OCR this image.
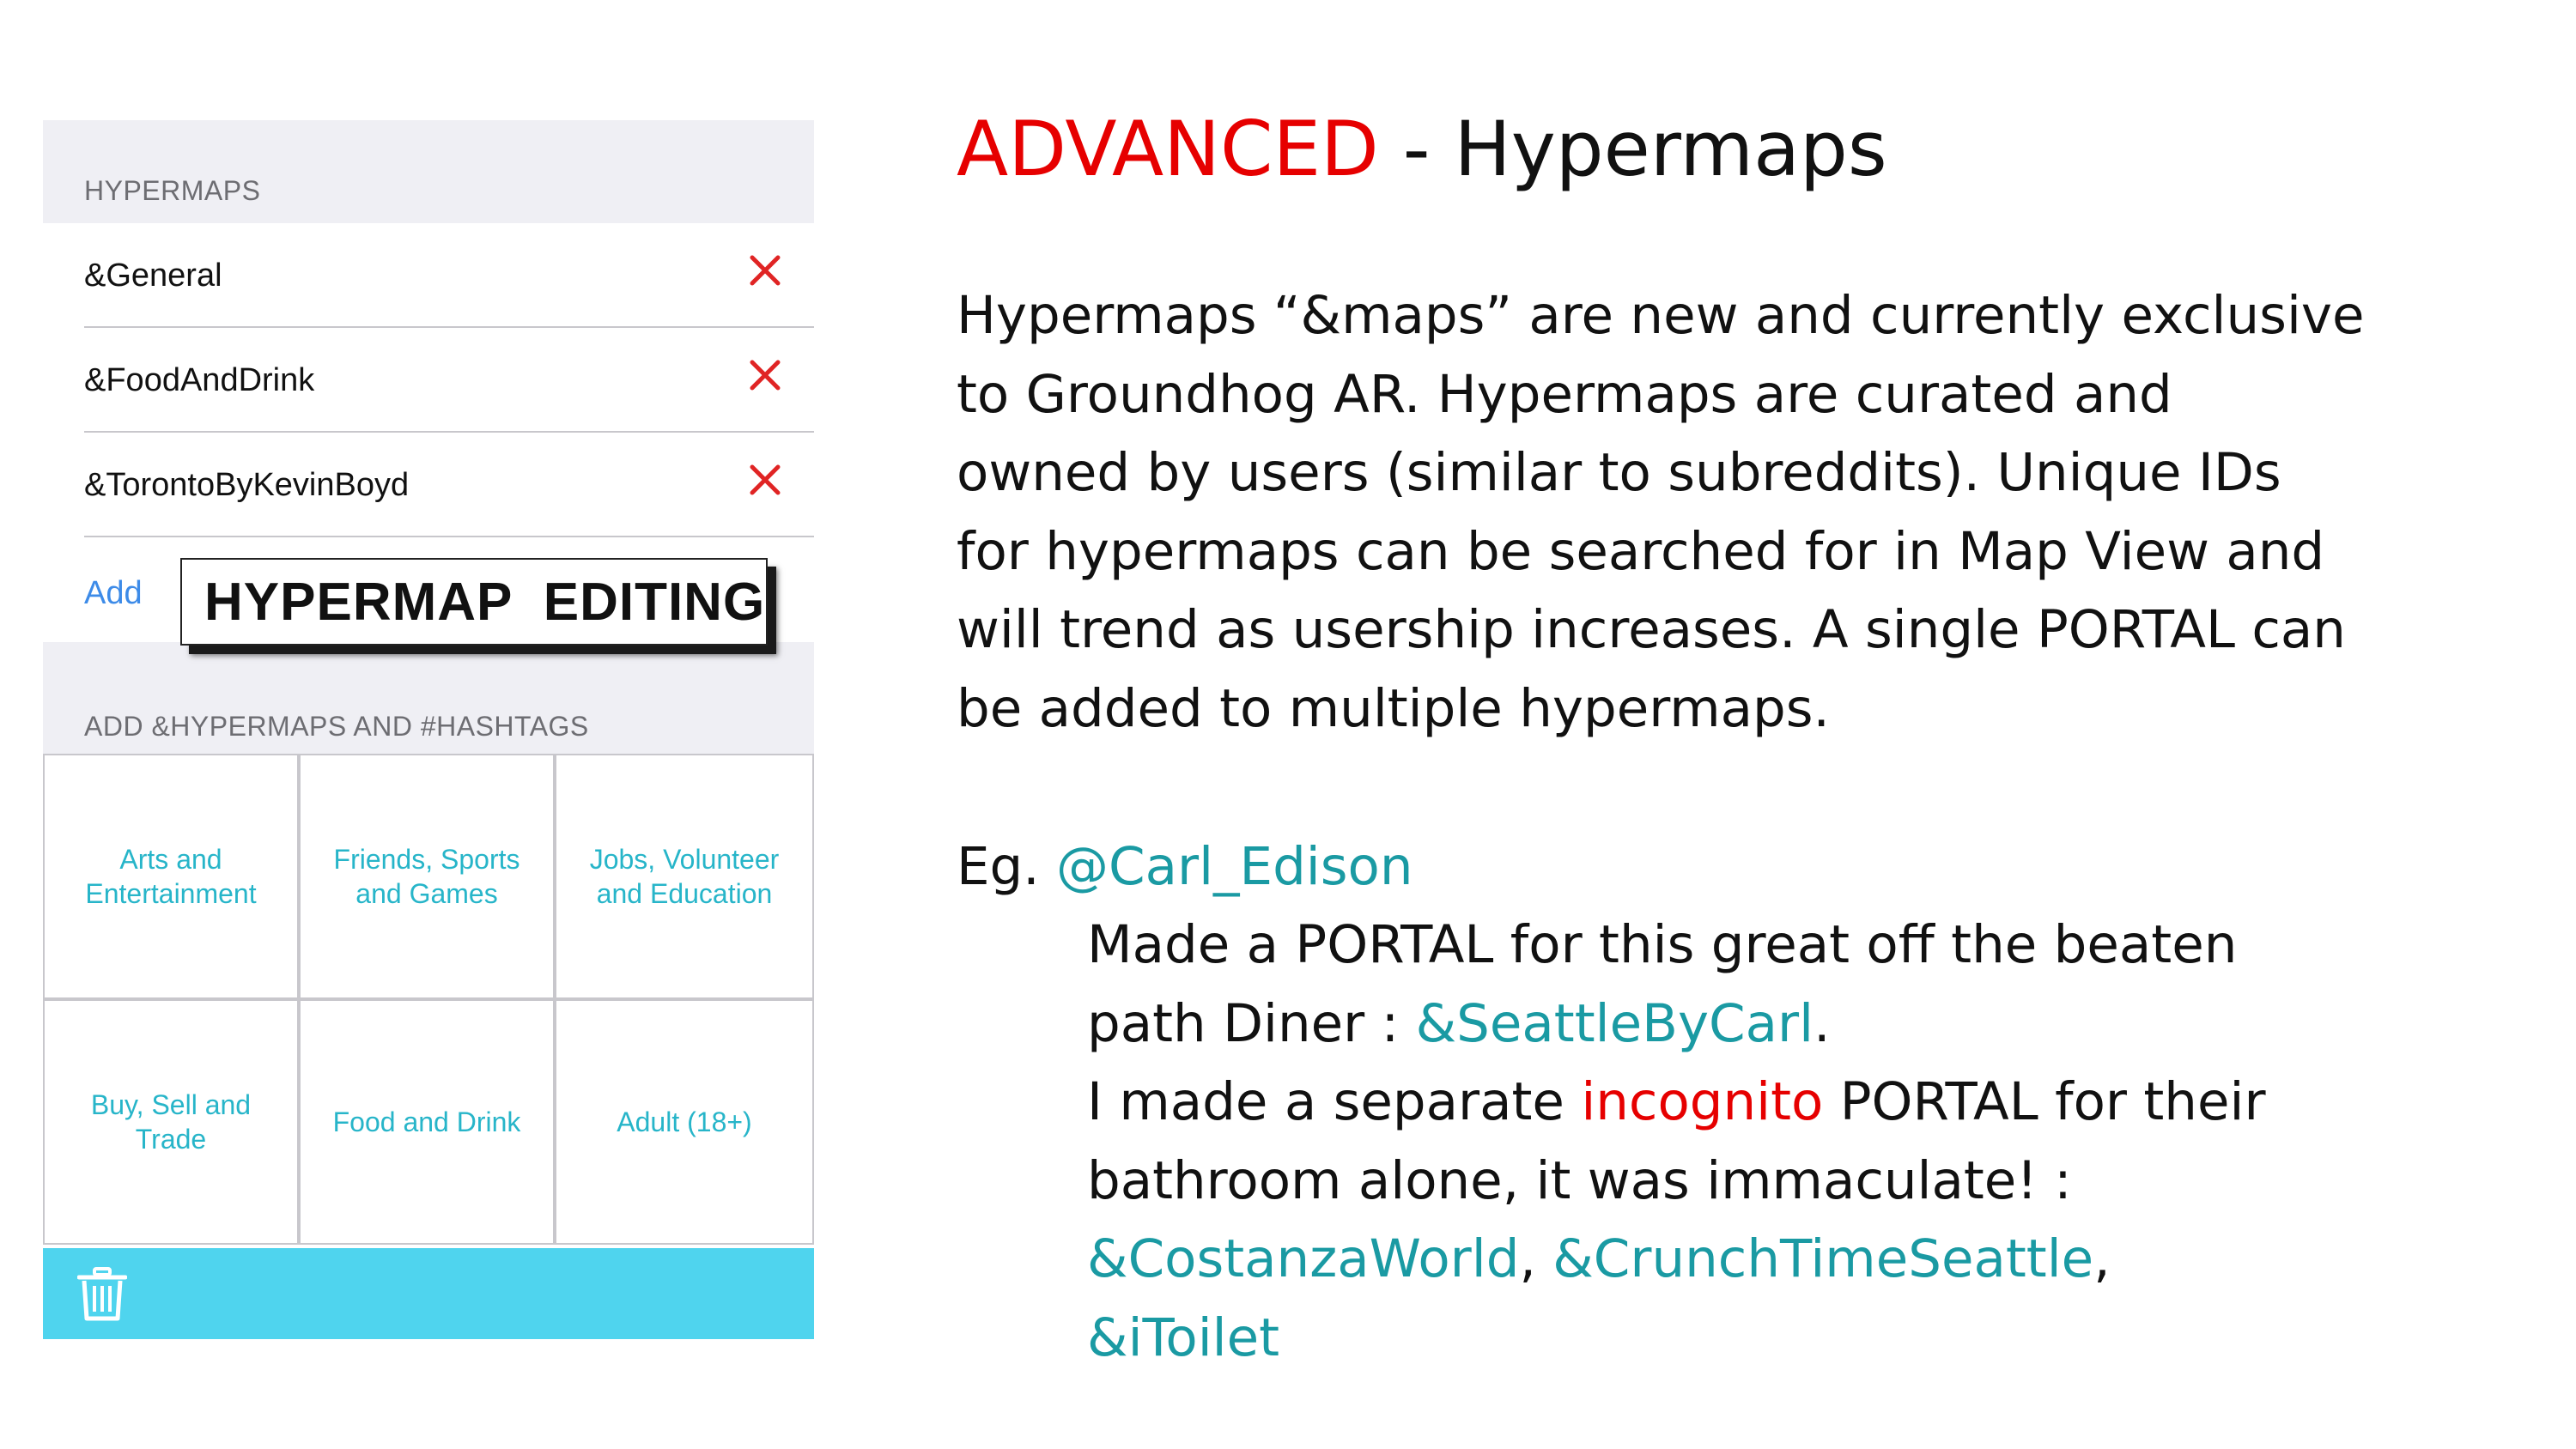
HYPERMAPS
&General
&FoodAndDrink
&TorontoByKevinBoyd
Add
ADD &HYPERMAPS AND #HASHTAGS
Arts and Entertainment
Friends, Sports and Games
Jobs, Volunteer and Education
Buy, Sell and Trade
Food and Drink	Adult (18+)
HYPERMAP  EDITING
ADVANCED - Hypermaps
Hypermaps “&maps” are new and currently exclusive
to Groundhog AR. Hypermaps are curated and
owned by users (similar to subreddits). Unique IDs
for hypermaps can be searched for in Map View and
will trend as usership increases. A single PORTAL can
be added to multiple hypermaps.
Eg. @Carl_Edison
Made a PORTAL for this great off the beaten
path Diner : &SeattleByCarl.
I made a separate incognito PORTAL for their
bathroom alone, it was immaculate! :
&CostanzaWorld, &CrunchTimeSeattle,
&iToilet
